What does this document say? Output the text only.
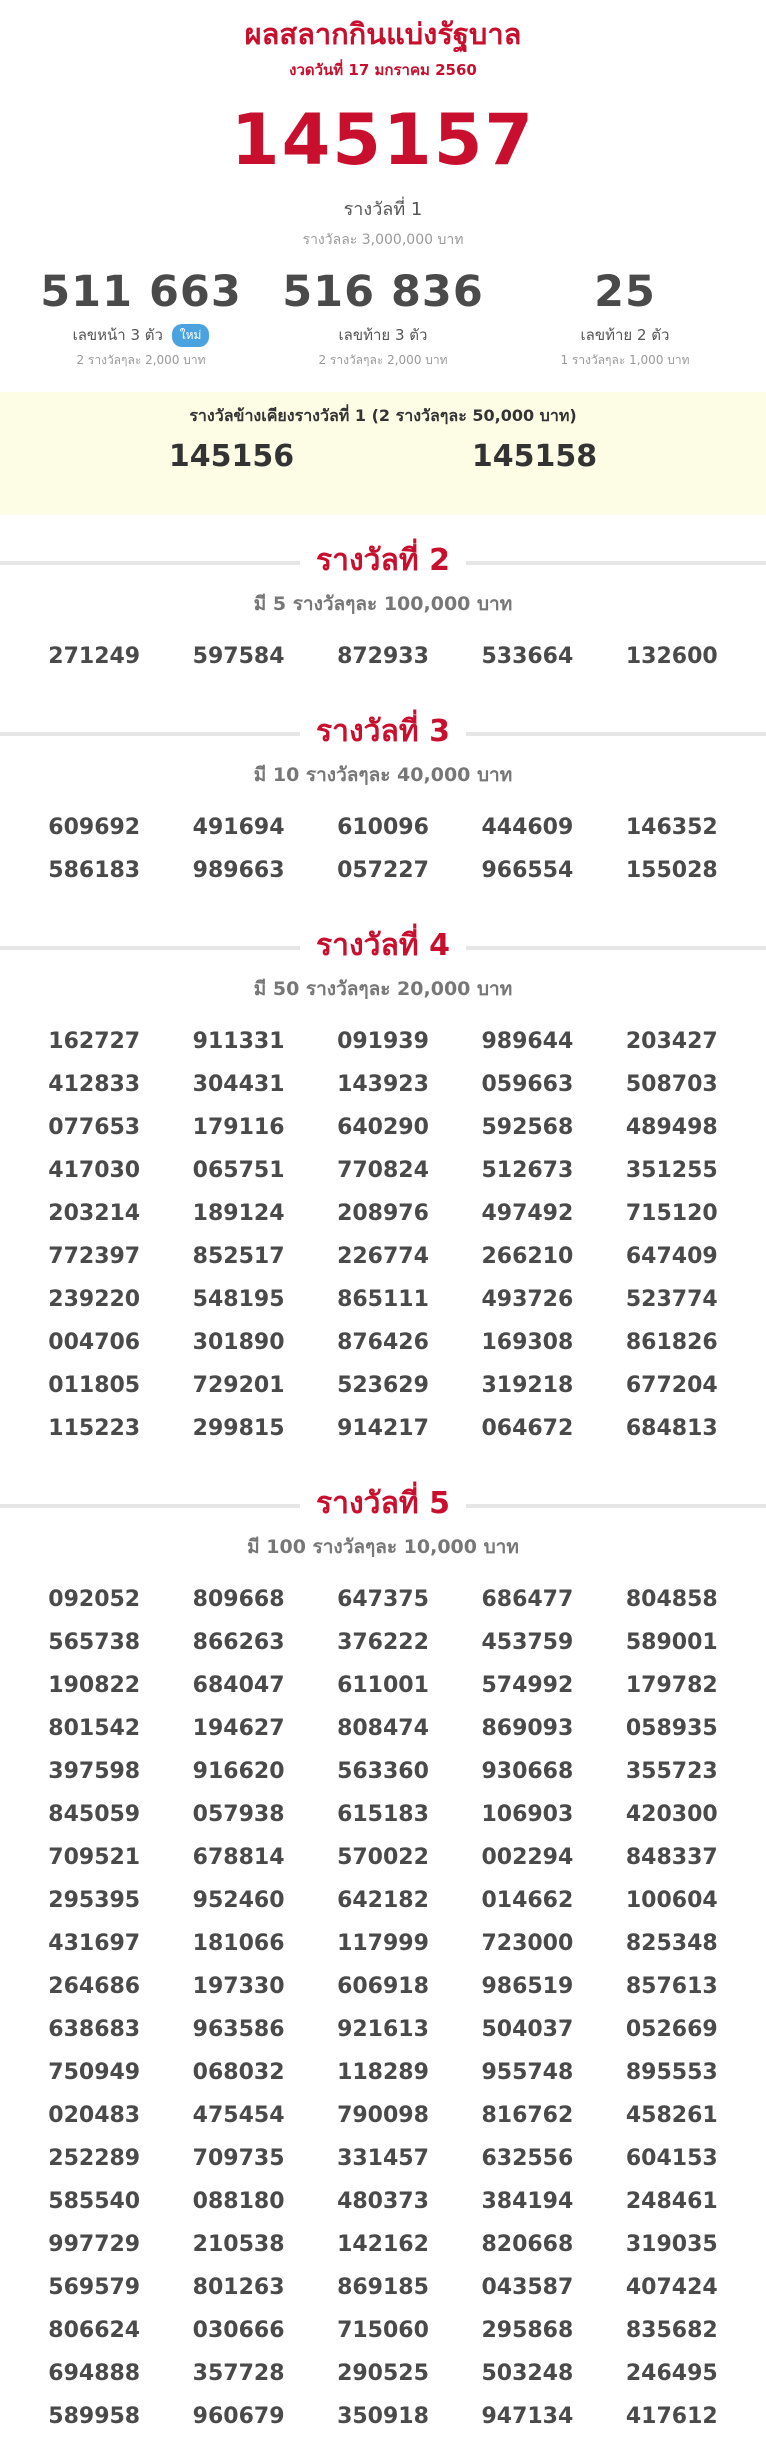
ผลสลากกินแบ่งรัฐบาล
งวดวันที่ 17 มกราคม 2560
145157
รางวัลที่ 1
รางวัลละ 3,000,000 บาท
511 663
เลขหน้า 3 ตัว ใหม่
2 รางวัลๆละ 2,000 บาท
516 836
เลขท้าย 3 ตัว
2 รางวัลๆละ 2,000 บาท
25
เลขท้าย 2 ตัว
1 รางวัลๆละ 1,000 บาท
รางวัลข้างเคียงรางวัลที่ 1 (2 รางวัลๆละ 50,000 บาท)
145156	145158
รางวัลที่ 2
มี 5 รางวัลๆละ 100,000 บาท
271249	597584	872933	533664	132600
รางวัลที่ 3
มี 10 รางวัลๆละ 40,000 บาท
609692	491694	610096	444609	146352
586183	989663	057227	966554	155028
รางวัลที่ 4
มี 50 รางวัลๆละ 20,000 บาท
162727	911331	091939	989644	203427
412833	304431	143923	059663	508703
077653	179116	640290	592568	489498
417030	065751	770824	512673	351255
203214	189124	208976	497492	715120
772397	852517	226774	266210	647409
239220	548195	865111	493726	523774
004706	301890	876426	169308	861826
011805	729201	523629	319218	677204
115223	299815	914217	064672	684813
รางวัลที่ 5
มี 100 รางวัลๆละ 10,000 บาท
092052	809668	647375	686477	804858
565738	866263	376222	453759	589001
190822	684047	611001	574992	179782
801542	194627	808474	869093	058935
397598	916620	563360	930668	355723
845059	057938	615183	106903	420300
709521	678814	570022	002294	848337
295395	952460	642182	014662	100604
431697	181066	117999	723000	825348
264686	197330	606918	986519	857613
638683	963586	921613	504037	052669
750949	068032	118289	955748	895553
020483	475454	790098	816762	458261
252289	709735	331457	632556	604153
585540	088180	480373	384194	248461
997729	210538	142162	820668	319035
569579	801263	869185	043587	407424
806624	030666	715060	295868	835682
694888	357728	290525	503248	246495
589958	960679	350918	947134	417612
